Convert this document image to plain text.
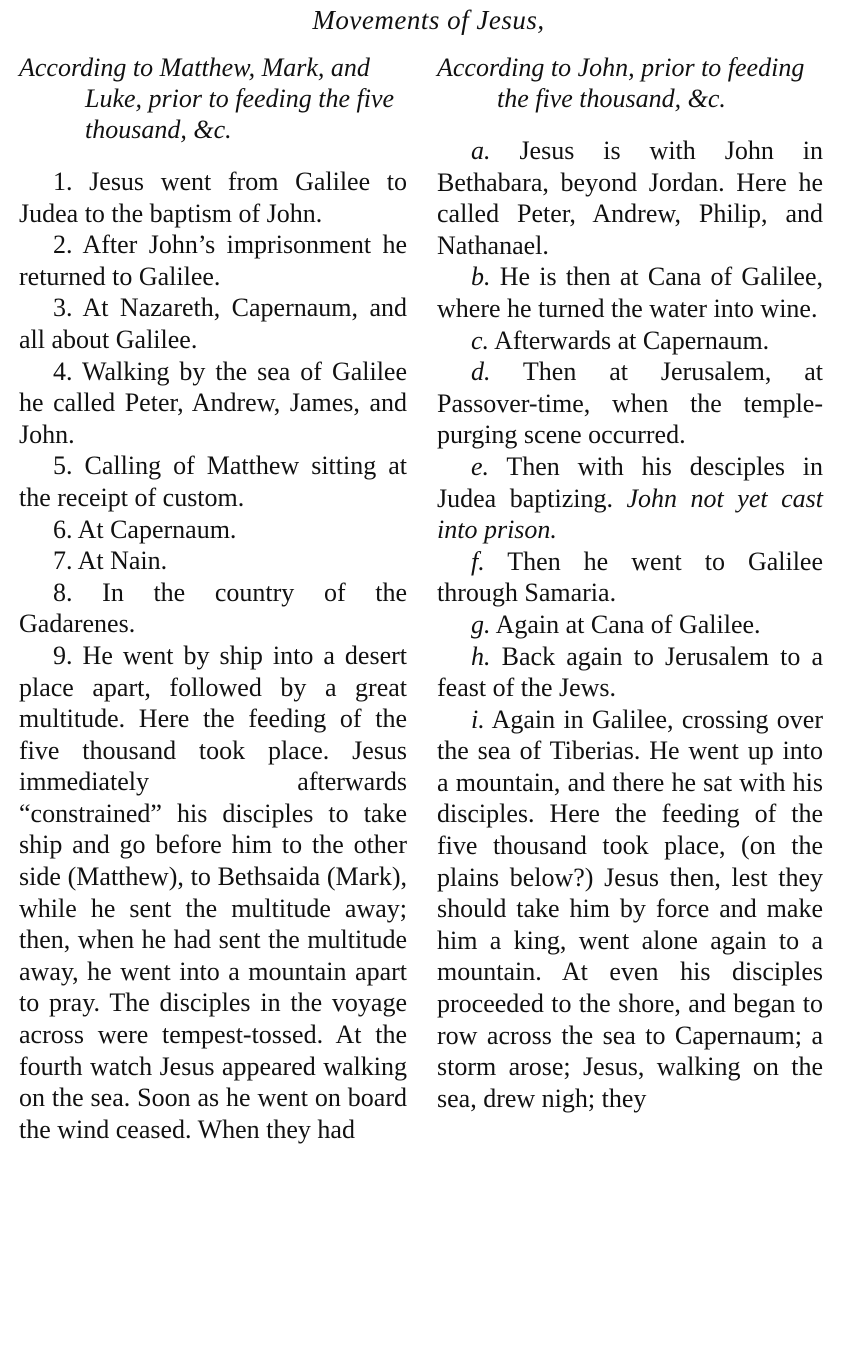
Movements of Jesus,
According to Matthew, Mark, and Luke, prior to feeding the five thousand, &c.

1. Jesus went from Galilee to Judea to the baptism of John.

2. After John’s imprisonment he returned to Galilee.

3. At Nazareth, Capernaum, and all about Galilee.

4. Walking by the sea of Galilee he called Peter, Andrew, James, and John.

5. Calling of Matthew sitting at the receipt of custom.

6. At Capernaum.

7. At Nain.

8. In the country of the Gadarenes.

9. He went by ship into a desert place apart, followed by a great multitude. Here the feeding of the five thousand took place. Jesus immediately afterwards “constrained” his disciples to take ship and go before him to the other side (Matthew), to Bethsaida (Mark), while he sent the multitude away; then, when he had sent the multitude away, he went into a mountain apart to pray. The disciples in the voyage across were tempest-tossed. At the fourth watch Jesus appeared walking on the sea. Soon as he went on board the wind ceased. When they had

According to John, prior to feeding the five thousand, &c.

a. Jesus is with John in Bethabara, beyond Jordan. Here he called Peter, Andrew, Philip, and Nathanael.

b. He is then at Cana of Galilee, where he turned the water into wine.

c. Afterwards at Capernaum.

d. Then at Jerusalem, at Passover-time, when the temple-purging scene occurred.

e. Then with his desciples in Judea baptizing. John not yet cast into prison.

f. Then he went to Galilee through Samaria.

g. Again at Cana of Galilee.

h. Back again to Jerusalem to a feast of the Jews.

i. Again in Galilee, crossing over the sea of Tiberias. He went up into a mountain, and there he sat with his disciples. Here the feeding of the five thousand took place, (on the plains below?) Jesus then, lest they should take him by force and make him a king, went alone again to a mountain. At even his disciples proceeded to the shore, and began to row across the sea to Capernaum; a storm arose; Jesus, walking on the sea, drew nigh; they
